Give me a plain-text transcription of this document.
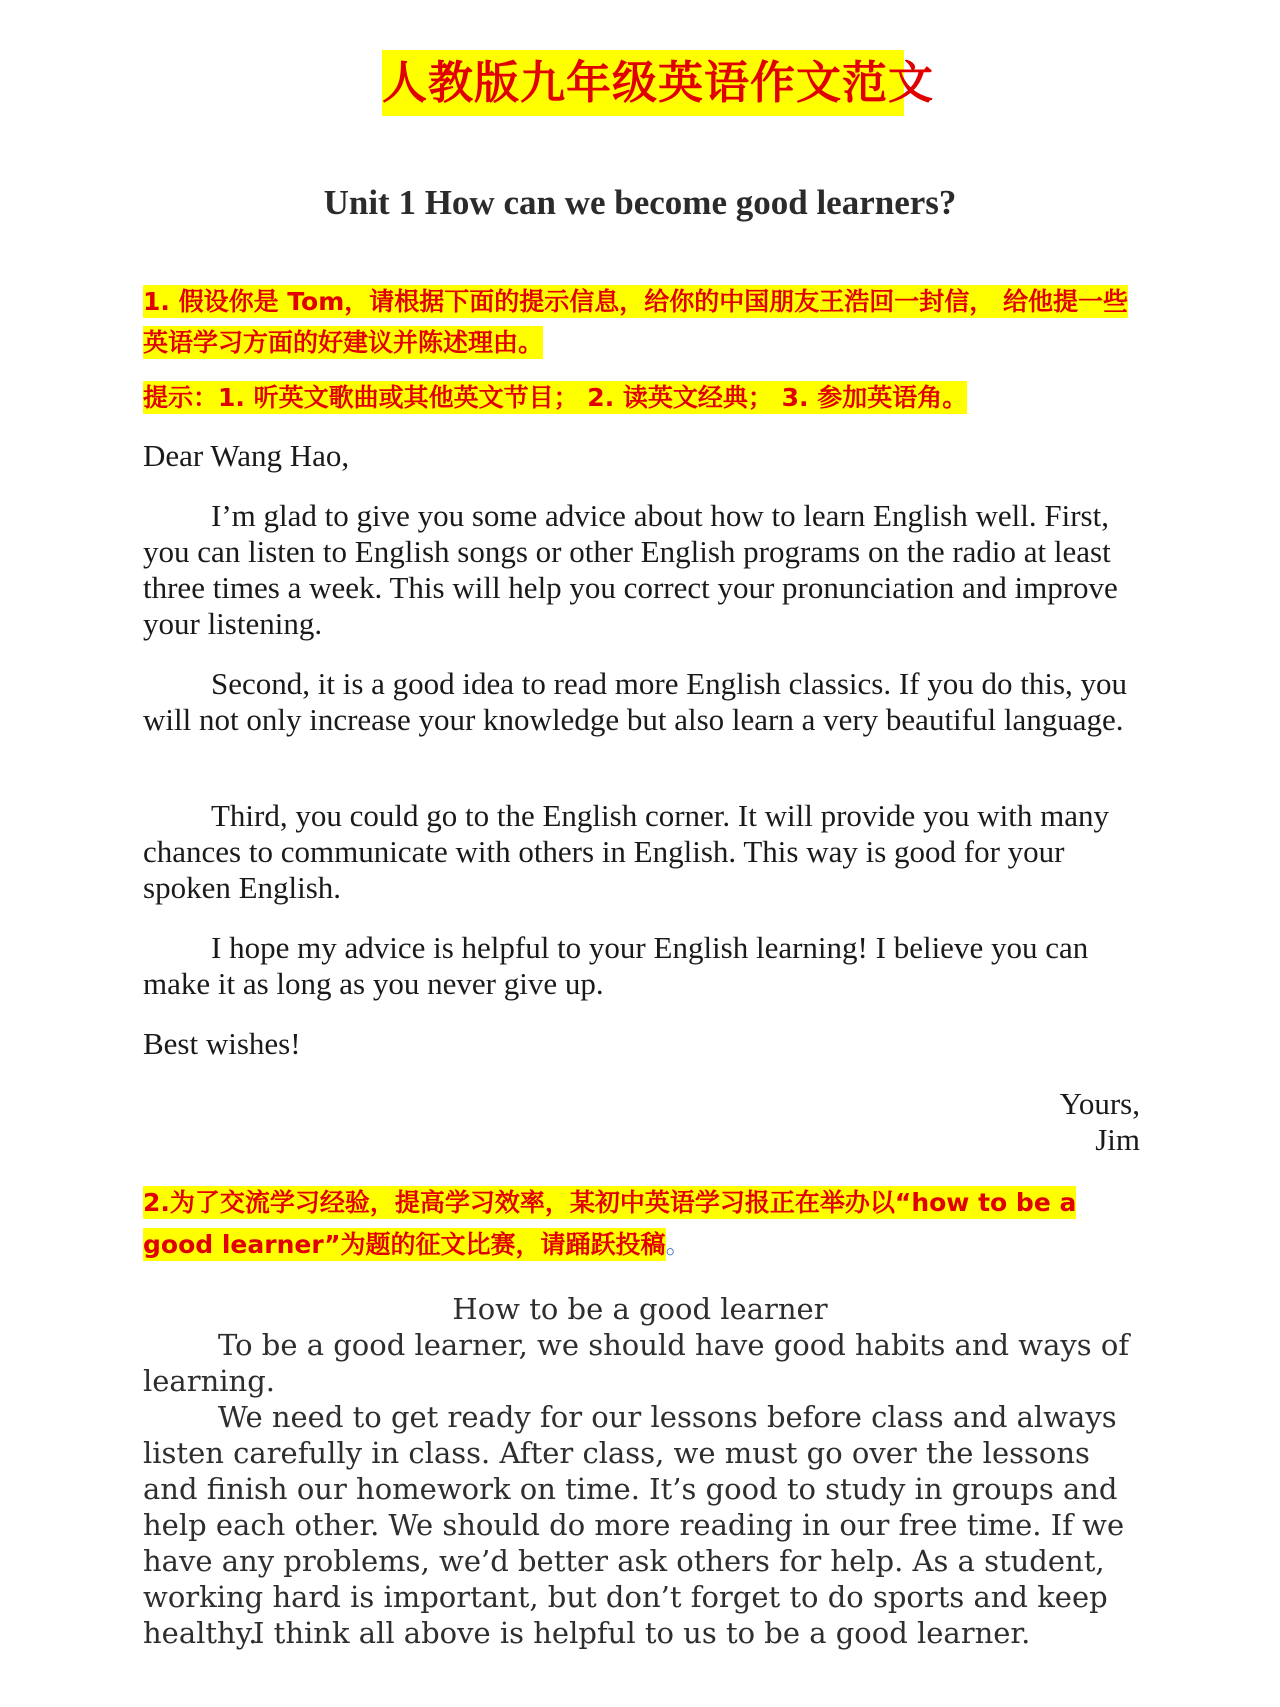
人教版九年级英语作文范文
Unit 1 How can we become good learners?
1. 假设你是 Tom，请根据下面的提示信息，给你的中国朋友王浩回一封信， 给他提一些英语学习方面的好建议并陈述理由。
提示：1. 听英文歌曲或其他英文节目； 2. 读英文经典； 3. 参加英语角。

Dear Wang Hao,

I’m glad to give you some advice about how to learn English well. First, you can listen to English songs or other English programs on the radio at least three times a week. This will help you correct your pronunciation and improve your listening.

Second, it is a good idea to read more English classics. If you do this, you will not only increase your knowledge but also learn a very beautiful language.

Third, you could go to the English corner. It will provide you with many chances to communicate with others in English. This way is good for your spoken English.

I hope my advice is helpful to your English learning! I believe you can make it as long as you never give up.

Best wishes!

Yours,
Jim
2.为了交流学习经验，提高学习效率，某初中英语学习报正在举办以“how to be a good learner”为题的征文比赛，请踊跃投稿。
How to be a good learner

To be a good learner, we should have good habits and ways of learning.

We need to get ready for our lessons before class and always listen carefully in class. After class, we must go over the lessons and finish our homework on time. It’s good to study in groups and help each other. We should do more reading in our free time. If we have any problems, we’d better ask others for help. As a student, working hard is important, but don’t forget to do sports and keep healthy.

I think all above is helpful to us to be a good learner.
